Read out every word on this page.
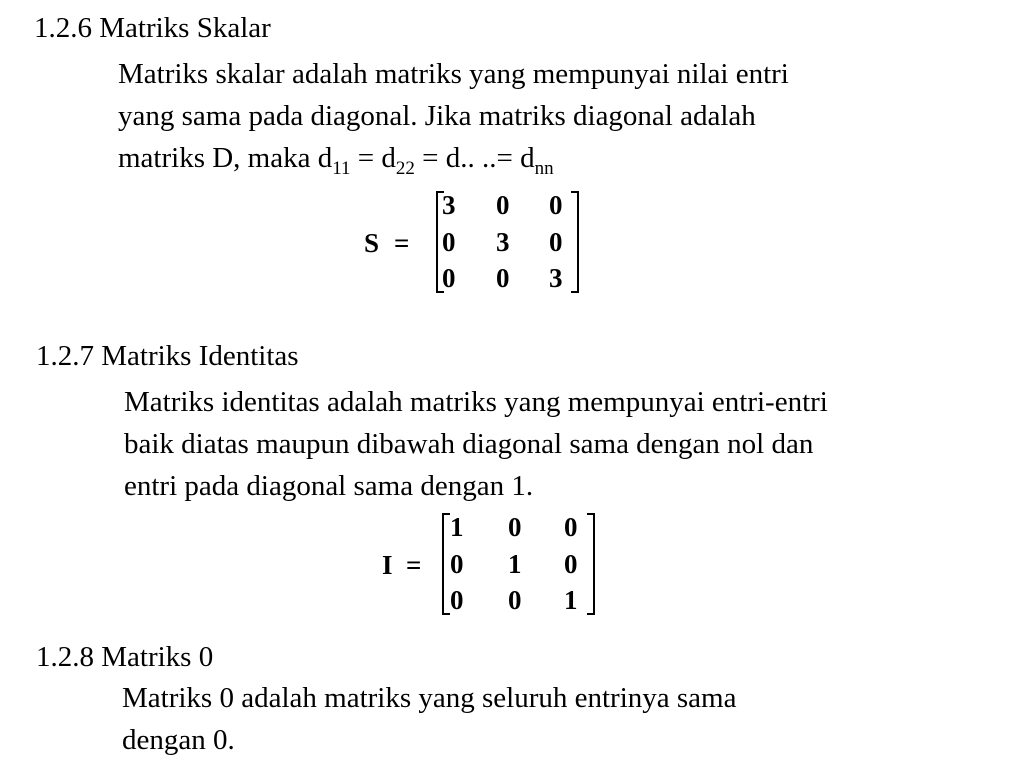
1.2.6 Matriks Skalar
Matriks skalar adalah matriks yang mempunyai nilai entri
yang sama pada diagonal. Jika matriks diagonal adalah
matriks D, maka $d_{11} = d_{22} = d$.. ..= $d_{nn}$
S =
3 0 0
0 3 0
0 0 3
1.2.7 Matriks Identitas
Matriks identitas adalah matriks yang mempunyai entri-entri
baik diatas maupun dibawah diagonal sama dengan nol dan
entri pada diagonal sama dengan 1.
I =
1 0 0
0 1 0
0 0 1
1.2.8 Matriks 0
Matriks 0 adalah matriks yang seluruh entrinya sama
dengan 0.
